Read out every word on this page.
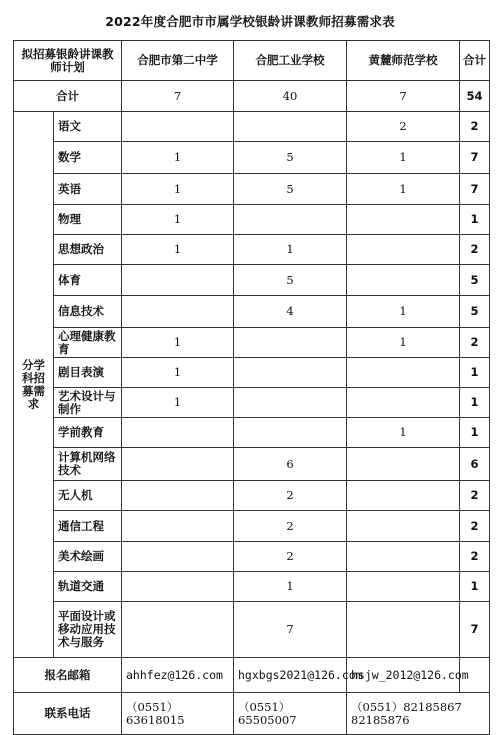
2022年度合肥市市属学校银龄讲课教师招募需求表
拟招募银龄讲课教师计划		合肥市第二中学	合肥工业学校	黄麓师范学校	合计
合计		7	40	7	54
分学科招募需求	语文			2	2
	数学	1	5	1	7
	英语	1	5	1	7
	物理	1			1
	思想政治	1	1		2
	体育		5		5
	信息技术		4	1	5
	心理健康教育	1		1	2
	剧目表演	1			1
	艺术设计与制作	1			1
	学前教育			1	1
	计算机网络技术		6		6
	无人机		2		2
	通信工程		2		2
	美术绘画		2		2
	轨道交通		1		1
	平面设计或移动应用技术与服务		7		7
报名邮箱		ahhfez@126.com	hgxbgs2021@126.com	hsjw_2012@126.com	
联系电话		（0551）63618015	（0551）65505007	（0551）82185867　82185876	
